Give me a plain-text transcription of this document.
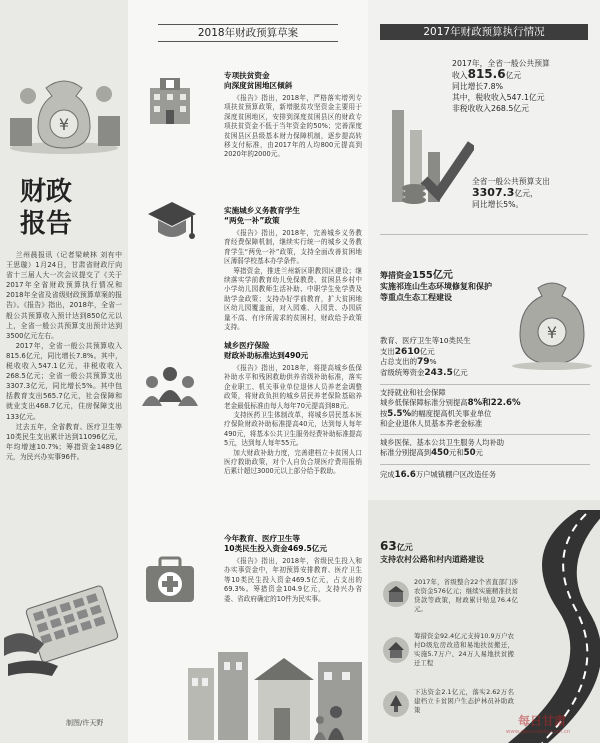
¥
财政
报告

兰州晨报讯（记者梁峡林 刘有中 王思璇）1月24日，甘肃省财政厅向省十三届人大一次会议提交了《关于2017年全省财政预算执行情况和2018年全省及省级财政预算草案的报告》。《报告》指出，2018年，全省一般公共预算收入预计达到850亿元以上，全省一般公共预算支出预计达到3500亿元左右。

2017年，全省一般公共预算收入815.6亿元，同比增长7.8%。其中，税收收入547.1亿元，非税收收入268.5亿元；全省一般公共预算支出3307.3亿元，同比增长5%。其中包括教育支出565.7亿元，社会保障和就业支出468.7亿元，住房保障支出133亿元。

过去五年，全省教育、医疗卫生等10类民生支出累计达到11096亿元，年均增速10.7%；筹措资金1489亿元，为民兴办实事96件。

制图/许天野
2018年财政预算草案
专项扶贫资金
向深度贫困地区倾斜

《报告》指出，2018年，严格落实增列专项扶贫预算政策，新增脱贫攻坚资金主要用于深度贫困地区，安排到深度贫困县区的财政专项扶贫资金不低于当年资金的50%；完善深度贫困县区县级基本财力保障机制，逐步提高转移支付标准，由2017年的人均800元提高到2020年的2000元。

实施城乡义务教育学生
“两免一补”政策

《报告》指出，2018年，完善城乡义务教育经费保障机制，继续实行统一的城乡义务教育学生“两免一补”政策，支持全面改善贫困地区薄弱学校基本办学条件。

筹措资金，推进兰州新区职教园区建设；继续落实学前教育幼儿免保教费、贫困县乡村中小学幼儿园教师生活补助、中职学生免学费及助学金政策；支持办好学前教育，扩大贫困地区幼儿园覆盖面，对入园难、入园贵、办园质量不高、有序所需求的贫困村，财政给予政策支持。

城乡医疗保险
财政补助标准达到490元

《报告》指出，2018年，将提高城乡低保补助水平和残困救助供养省级补助标准，落实企业职工、机关事业单位退休人员养老金调整政策，将财政负担的城乡居民养老保险基础养老金最低标准由每人每年70元提高到88元。

支持医药卫生体制改革，将城乡居民基本医疗保险财政补助标准提高40元，达到每人每年490元，将基本公共卫生服务经费补助标准提高5元，达到每人每年55元。

加大财政补助力度，完善建档立卡贫困人口医疗救助政策，对个人自负合规医疗费用报销后累计超过3000元以上部分给予救助。

今年教育、医疗卫生等
10类民生投入资金469.5亿元

《报告》指出，2018年，省级民生投入和办实事资金中，年初预算安排教育、医疗卫生等10类民生投入资金469.5亿元，占支出的69.3%。筹措资金104.9亿元，支持兴办省委、省政府确定的10件为民实事。

2017年财政预算执行情况
2017年，全省一般公共预算
收入815.6亿元
同比增长7.8%
其中，税收收入547.1亿元
非税收收入268.5亿元
全省一般公共预算支出
3307.3亿元，
同比增长5%。
筹措资金155亿元
实施祁连山生态环境修复和保护
等重点生态工程建设
¥
教育、医疗卫生等10类民生
支出2610亿元
占总支出的79%
省级统筹资金243.5亿元
支持就业和社会保障
城乡低保保障标准分别提高8%和22.6%
按5.5%的幅度提高机关事业单位
和企业退休人员基本养老金标准
城乡医保、基本公共卫生服务人均补助
标准分别提高到450元和50元
完成16.6万户城镇棚户区改造任务
63亿元
支持农村公路和村内道路建设
2017年，省级整合22个省直部门涉农资金576亿元；继续实施精准扶贫贷款等政策，财政累计贴息76.4亿元。
筹措资金92.4亿元支持10.9万户农村D级危房改造和易地扶贫搬迁，实施5.7万户、24万人易地扶贫搬迁工程
下达资金2.1亿元，落实2.62万名建档立卡贫困户生态护林员补助政策
每日甘肃
www.gansudaily.com.cn
